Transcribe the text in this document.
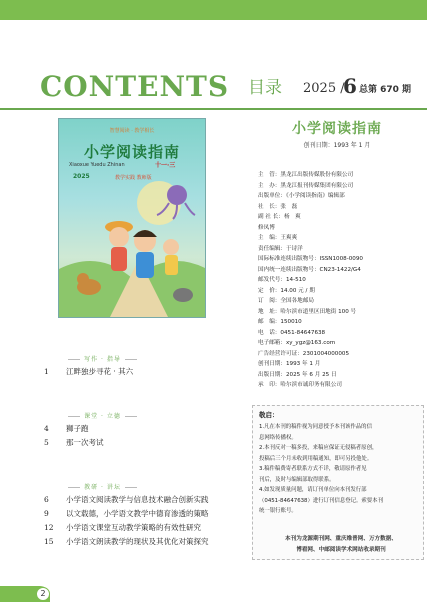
CONTENTS 目录 2025 /
6 总第 670 期
智慧阅读 · 教学相长
小学阅读指南
Xiaoxue Yuedu Zhinan	十一·三
2025	教学实践 教师版
写作 · 指导
1	江畔独步寻花 · 其六
课堂 · 立德
4	狮子跑
5	那一次考试
教研 · 讲坛
6	小学语文阅读教学与信息技术融合创新实践
9	以文载德，小学语文教学中德育渗透的策略
12	小学语文课堂互动教学策略的有效性研究
15	小学语文朗读教学的现状及其优化对策探究
2
小学阅读指南
创刊日期：1993 年 1 月
主　管：黑龙江出版传媒股份有限公司
主　办：黑龙江报刊传媒集团有限公司
出版单位：《小学阅读指南》编辑部
社　长：张　磊
副 社 长：杨　爽
修凤博
主　编：王爽爽
责任编辑：于诗洋
国际标准连续出版物号：ISSN1008-0090
国内统一连续出版物号：CN23-1422/G4
邮发代号：14-510
定　价：14.00 元 / 期
订　阅：全国各地邮局
地　址：哈尔滨市道里区田地街 100 号
邮　编：150010
电　话：0451-84647638
电子邮箱：xy_ygz@163.com
广告经营许可证：2301004000005
创刊日期：1993 年 1 月
出版日期：2025 年 6 月 25 日
承　印：哈尔滨市诚印务有限公司
敬启：
1.凡在本刊的稿件视为同意授予本刊该作品的信
息网络传播权。
2.本刊反对一稿多投，来稿应保证无侵稿者原创，
投稿后三个月未收到用稿通知，即可另投他处。
3.稿件稿费寄者联系方式不详，敬请原作者见
刊后，及时与编辑部取得联系。
4.如发现质量问题，请订刊单位向本刊发行部
（0451-84647638）进行订刊信息登记。索要本刊
统一银行账号。
本刊为龙源期刊网、重庆维普网、万方数据、
博看网、中邮阅读学术网站收录期刊
